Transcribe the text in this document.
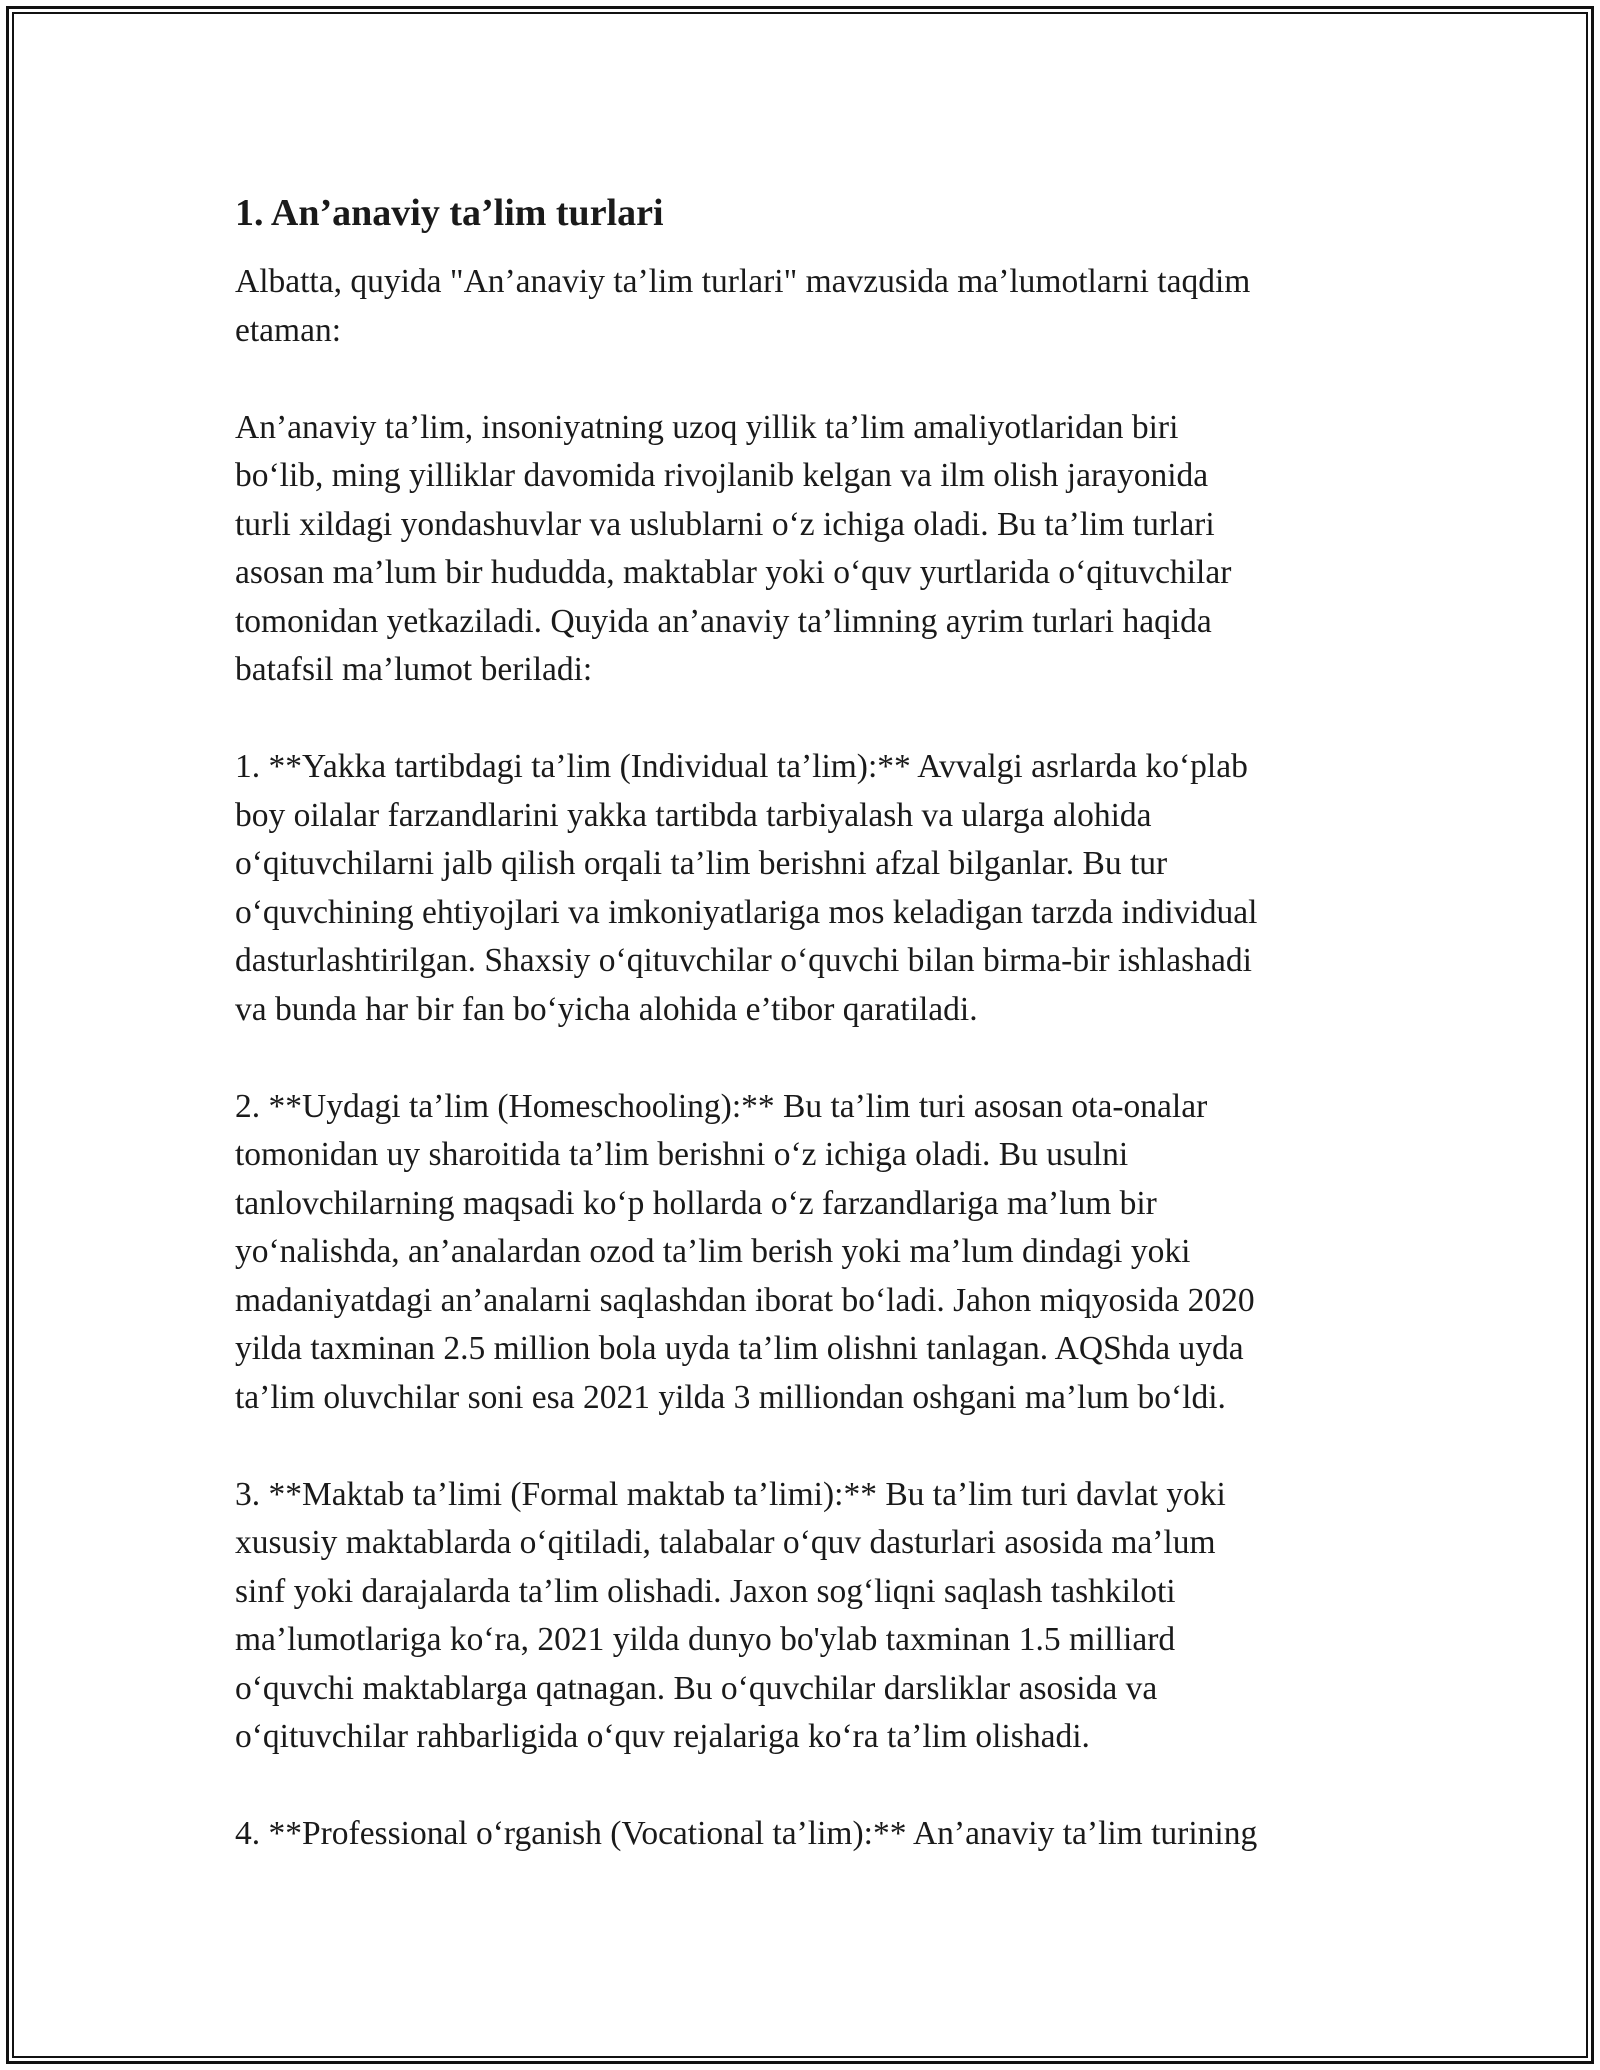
1. An’anaviy ta’lim turlari

Albatta, quyida "An’anaviy ta’lim turlari" mavzusida ma’lumotlarni taqdim
etaman:

An’anaviy ta’lim, insoniyatning uzoq yillik ta’lim amaliyotlaridan biri
bo‘lib, ming yilliklar davomida rivojlanib kelgan va ilm olish jarayonida
turli xildagi yondashuvlar va uslublarni o‘z ichiga oladi. Bu ta’lim turlari
asosan ma’lum bir hududda, maktablar yoki o‘quv yurtlarida o‘qituvchilar
tomonidan yetkaziladi. Quyida an’anaviy ta’limning ayrim turlari haqida
batafsil ma’lumot beriladi:

1. **Yakka tartibdagi ta’lim (Individual ta’lim):** Avvalgi asrlarda ko‘plab
boy oilalar farzandlarini yakka tartibda tarbiyalash va ularga alohida
o‘qituvchilarni jalb qilish orqali ta’lim berishni afzal bilganlar. Bu tur
o‘quvchining ehtiyojlari va imkoniyatlariga mos keladigan tarzda individual
dasturlashtirilgan. Shaxsiy o‘qituvchilar o‘quvchi bilan birma-bir ishlashadi
va bunda har bir fan bo‘yicha alohida e’tibor qaratiladi.

2. **Uydagi ta’lim (Homeschooling):** Bu ta’lim turi asosan ota-onalar
tomonidan uy sharoitida ta’lim berishni o‘z ichiga oladi. Bu usulni
tanlovchilarning maqsadi ko‘p hollarda o‘z farzandlariga ma’lum bir
yo‘nalishda, an’analardan ozod ta’lim berish yoki ma’lum dindagi yoki
madaniyatdagi an’analarni saqlashdan iborat bo‘ladi. Jahon miqyosida 2020
yilda taxminan 2.5 million bola uyda ta’lim olishni tanlagan. AQShda uyda
ta’lim oluvchilar soni esa 2021 yilda 3 milliondan oshgani ma’lum bo‘ldi.

3. **Maktab ta’limi (Formal maktab ta’limi):** Bu ta’lim turi davlat yoki
xususiy maktablarda o‘qitiladi, talabalar o‘quv dasturlari asosida ma’lum
sinf yoki darajalarda ta’lim olishadi. Jaxon sog‘liqni saqlash tashkiloti
ma’lumotlariga ko‘ra, 2021 yilda dunyo bo'ylab taxminan 1.5 milliard
o‘quvchi maktablarga qatnagan. Bu o‘quvchilar darsliklar asosida va
o‘qituvchilar rahbarligida o‘quv rejalariga ko‘ra ta’lim olishadi.

4. **Professional o‘rganish (Vocational ta’lim):** An’anaviy ta’lim turining
